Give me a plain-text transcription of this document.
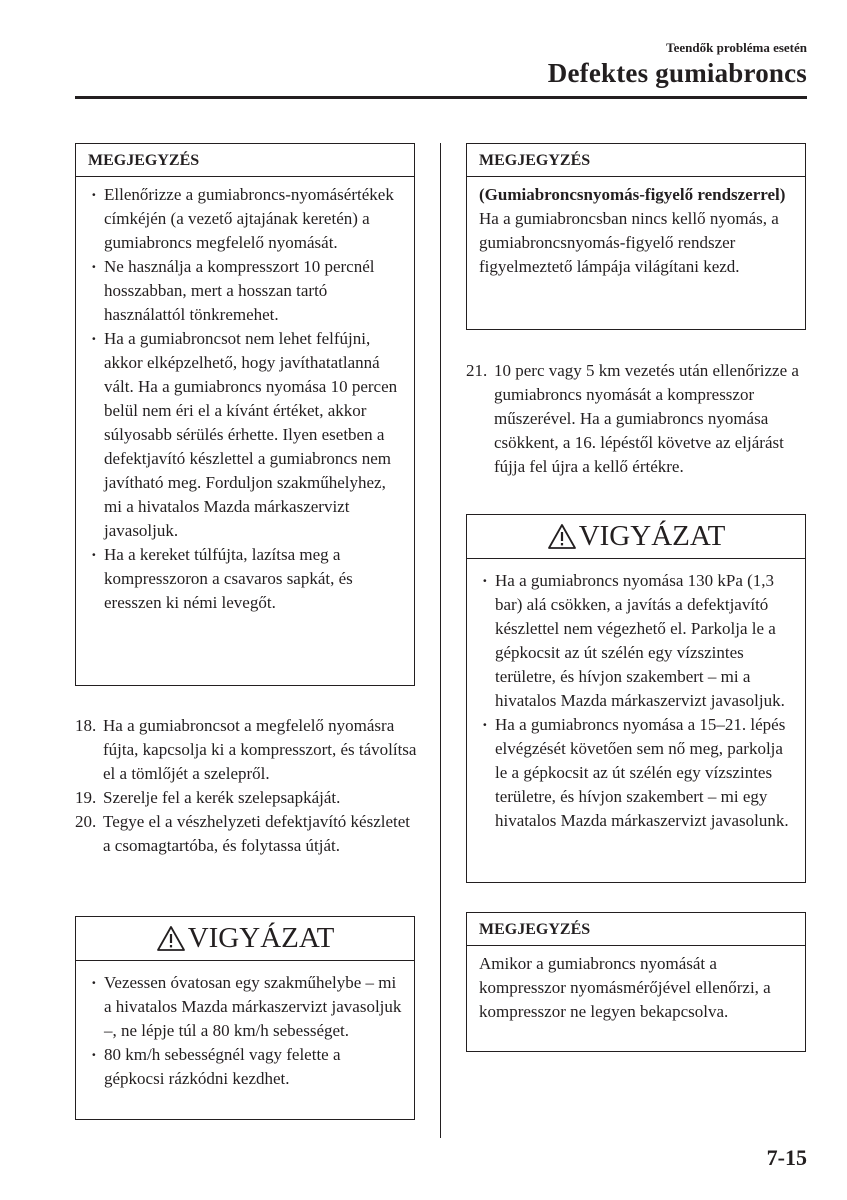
Teendők probléma esetén
Defektes gumiabroncs
MEGJEGYZÉS
· Ellenőrizze a gumiabroncs-nyomásértékek címkéjén (a vezető ajtajának keretén) a gumiabroncs megfelelő nyomását.
· Ne használja a kompresszort 10 percnél hosszabban, mert a hosszan tartó használattól tönkremehet.
· Ha a gumiabroncsot nem lehet felfújni, akkor elképzelhető, hogy javíthatatlanná vált. Ha a gumiabroncs nyomása 10 percen belül nem éri el a kívánt értéket, akkor súlyosabb sérülés érhette. Ilyen esetben a defektjavító készlettel a gumiabroncs nem javítható meg. Forduljon szakműhelyhez, mi a hivatalos Mazda márkaszervizt javasoljuk.
· Ha a kereket túlfújta, lazítsa meg a kompresszoron a csavaros sapkát, és eresszen ki némi levegőt.
18. Ha a gumiabroncsot a megfelelő nyomásra fújta, kapcsolja ki a kompresszort, és távolítsa el a tömlőjét a szelepről.
19. Szerelje fel a kerék szelepsapkáját.
20. Tegye el a vészhelyzeti defektjavító készletet a csomagtartóba, és folytassa útját.
VIGYÁZAT
· Vezessen óvatosan egy szakműhelybe – mi a hivatalos Mazda márkaszervizt javasoljuk –, ne lépje túl a 80 km/h sebességet.
· 80 km/h sebességnél vagy felette a gépkocsi rázkódni kezdhet.
MEGJEGYZÉS
(Gumiabroncsnyomás-figyelő rendszerrel)
Ha a gumiabroncsban nincs kellő nyomás, a gumiabroncsnyomás-figyelő rendszer figyelmeztető lámpája világítani kezd.
21. 10 perc vagy 5 km vezetés után ellenőrizze a gumiabroncs nyomását a kompresszor műszerével. Ha a gumiabroncs nyomása csökkent, a 16. lépéstől követve az eljárást fújja fel újra a kellő értékre.
VIGYÁZAT
· Ha a gumiabroncs nyomása 130 kPa (1,3 bar) alá csökken, a javítás a defektjavító készlettel nem végezhető el. Parkolja le a gépkocsit az út szélén egy vízszintes területre, és hívjon szakembert – mi a hivatalos Mazda márkaszervizt javasoljuk.
· Ha a gumiabroncs nyomása a 15–21. lépés elvégzését követően sem nő meg, parkolja le a gépkocsit az út szélén egy vízszintes területre, és hívjon szakembert – mi egy hivatalos Mazda márkaszervizt javasolunk.
MEGJEGYZÉS
Amikor a gumiabroncs nyomását a kompresszor nyomásmérőjével ellenőrzi, a kompresszor ne legyen bekapcsolva.
7-15
